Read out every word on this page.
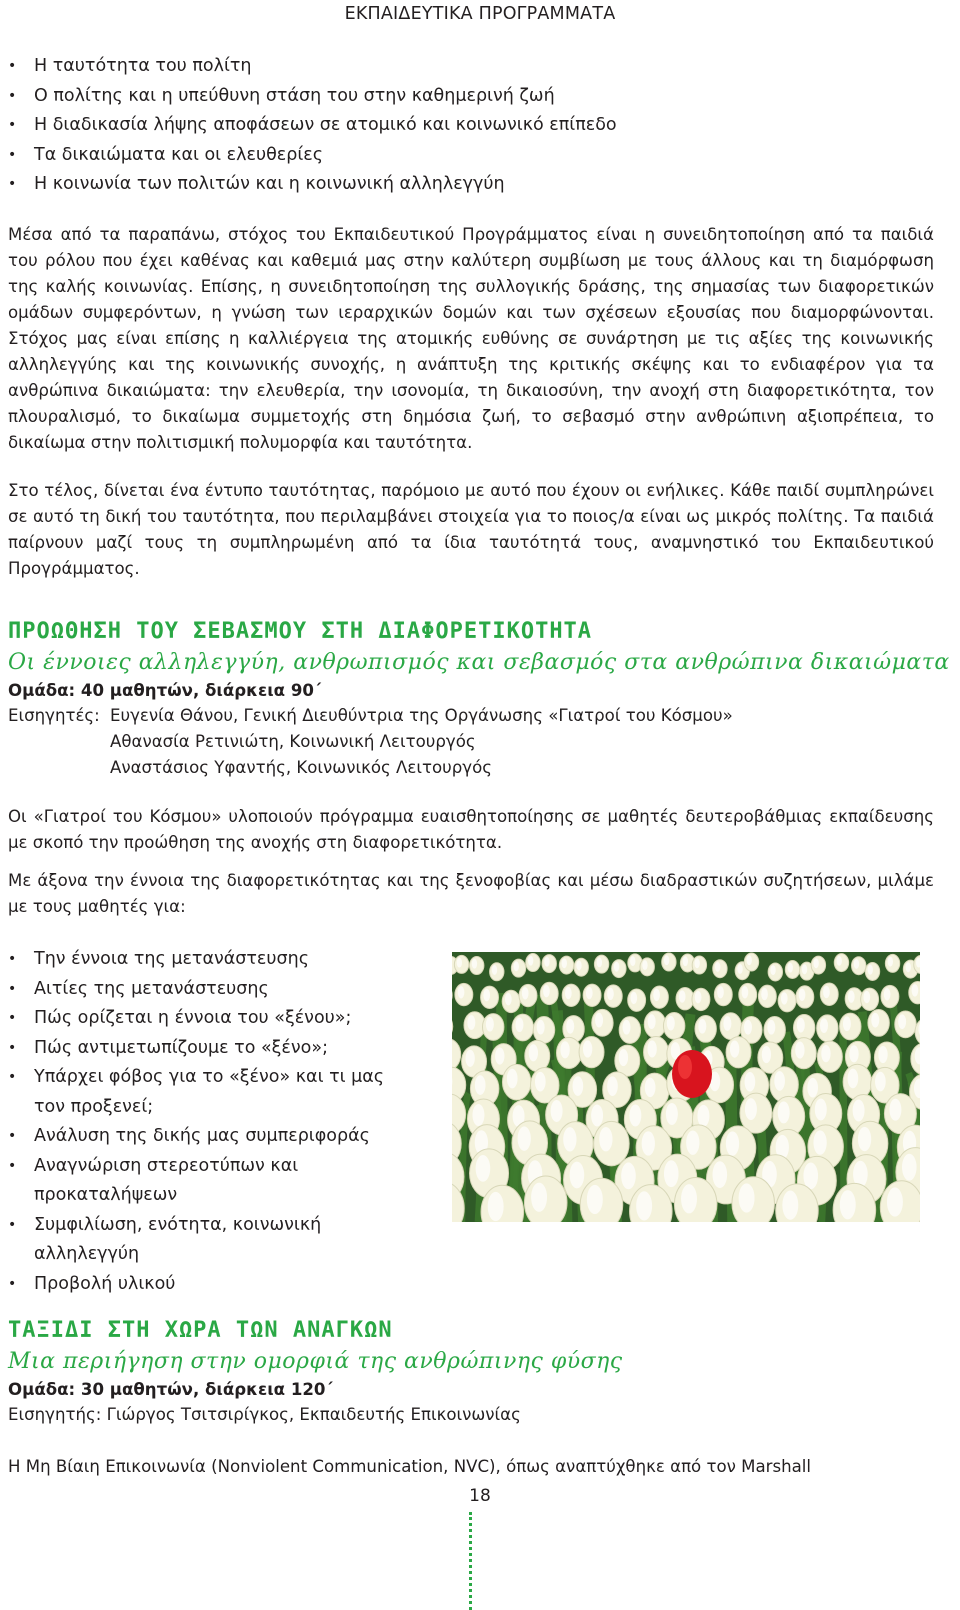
ΕΚΠΑΙΔΕΥΤΙΚΑ ΠΡΟΓΡΑΜΜΑΤΑ
• Η ταυτότητα του πολίτη
• Ο πολίτης και η υπεύθυνη στάση του στην καθημερινή ζωή
• Η διαδικασία λήψης αποφάσεων σε ατομικό και κοινωνικό επίπεδο
• Τα δικαιώματα και οι ελευθερίες
• Η κοινωνία των πολιτών και η κοινωνική αλληλεγγύη

Μέσα από τα παραπάνω, στόχος του Εκπαιδευτικού Προγράμματος είναι η συνειδητοποίηση από τα παιδιά του ρόλου που έχει καθένας και καθεμιά μας στην καλύτερη συμβίωση με τους άλλους και τη διαμόρφωση της καλής κοινωνίας. Επίσης, η συνειδητοποίηση της συλλογικής δράσης, της σημασίας των διαφορετικών ομάδων συμφερόντων, η γνώση των ιεραρχικών δομών και των σχέσεων εξουσίας που διαμορφώνονται. Στόχος μας είναι επίσης η καλλιέργεια της ατομικής ευθύνης σε συνάρτηση με τις αξίες της κοινωνικής αλληλεγγύης και της κοινωνικής συνοχής, η ανάπτυξη της κριτικής σκέψης και το ενδιαφέρον για τα ανθρώπινα δικαιώματα: την ελευθερία, την ισονομία, τη δικαιοσύνη, την ανοχή στη διαφορετικότητα, τον πλουραλισμό, το δικαίωμα συμμετοχής στη δημόσια ζωή, το σεβασμό στην ανθρώπινη αξιοπρέπεια, το δικαίωμα στην πολιτισμική πολυμορφία και ταυτότητα.

Στο τέλος, δίνεται ένα έντυπο ταυτότητας, παρόμοιο με αυτό που έχουν οι ενήλικες. Κάθε παιδί συμπληρώνει σε αυτό τη δική του ταυτότητα, που περιλαμβάνει στοιχεία για το ποιος/α είναι ως μικρός πολίτης. Τα παιδιά παίρνουν μαζί τους τη συμπληρωμένη από τα ίδια ταυτότητά τους, αναμνηστικό του Εκπαιδευτικού Προγράμματος.

ΠΡΟΩΘΗΣΗ ΤΟΥ ΣΕΒΑΣΜΟΥ ΣΤΗ ΔΙΑΦΟΡΕΤΙΚΟΤΗΤΑ
Οι έννοιες αλληλεγγύη, ανθρωπισμός και σεβασμός στα ανθρώπινα δικαιώματα
Ομάδα: 40 μαθητών, διάρκεια 90΄
Εισηγητές: Ευγενία Θάνου, Γενική Διευθύντρια της Οργάνωσης «Γιατροί του Κόσμου»
Αθανασία Ρετινιώτη, Κοινωνική Λειτουργός
Αναστάσιος Υφαντής, Κοινωνικός Λειτουργός

Οι «Γιατροί του Κόσμου» υλοποιούν πρόγραμμα ευαισθητοποίησης σε μαθητές δευτεροβάθμιας εκπαίδευσης με σκοπό την προώθηση της ανοχής στη διαφορετικότητα.

Με άξονα την έννοια της διαφορετικότητας και της ξενοφοβίας και μέσω διαδραστικών συζητήσεων, μιλάμε με τους μαθητές για:

• Την έννοια της μετανάστευσης
• Αιτίες της μετανάστευσης
• Πώς ορίζεται η έννοια του «ξένου»;
• Πώς αντιμετωπίζουμε το «ξένο»;
• Υπάρχει φόβος για το «ξένο» και τι μας τον προξενεί;
• Ανάλυση της δικής μας συμπεριφοράς
• Αναγνώριση στερεοτύπων και προκαταλήψεων
• Συμφιλίωση, ενότητα, κοινωνική αλληλεγγύη
• Προβολή υλικού
ΤΑΞΙΔΙ ΣΤΗ ΧΩΡΑ ΤΩΝ ΑΝΑΓΚΩΝ
Μια περιήγηση στην ομορφιά της ανθρώπινης φύσης
Ομάδα: 30 μαθητών, διάρκεια 120΄
Εισηγητής: Γιώργος Τσιτσιρίγκος, Εκπαιδευτής Επικοινωνίας

Η Μη Βίαιη Επικοινωνία (Nonviolent Communication, NVC), όπως αναπτύχθηκε από τον Marshall

18
